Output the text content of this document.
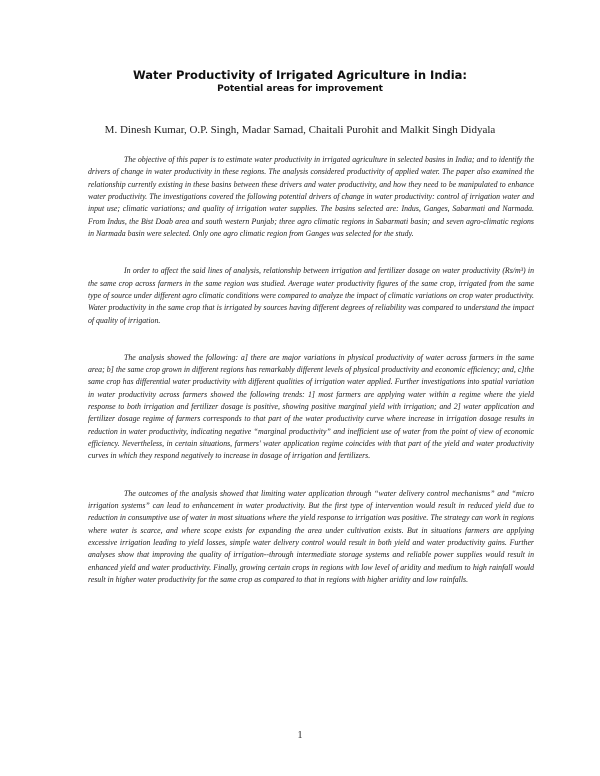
Water Productivity of Irrigated Agriculture in India:
Potential areas for improvement
M. Dinesh Kumar, O.P. Singh, Madar Samad, Chaitali Purohit and Malkit Singh Didyala

The objective of this paper is to estimate water productivity in irrigated agriculture in selected basins in India; and to identify the drivers of change in water productivity in these regions. The analysis considered productivity of applied water. The paper also examined the relationship currently existing in these basins between these drivers and water productivity, and how they need to be manipulated to enhance water productivity. The investigations covered the following potential drivers of change in water productivity: control of irrigation water and input use; climatic variations; and quality of irrigation water supplies. The basins selected are: Indus, Ganges, Sabarmati and Narmada. From Indus, the Bist Doab area and south western Punjab; three agro climatic regions in Sabarmati basin; and seven agro-climatic regions in Narmada basin were selected. Only one agro climatic region from Ganges was selected for the study.

In order to affect the said lines of analysis, relationship between irrigation and fertilizer dosage on water productivity (Rs/m³) in the same crop across farmers in the same region was studied. Average water productivity figures of the same crop, irrigated from the same type of source under different agro climatic conditions were compared to analyze the impact of climatic variations on crop water productivity. Water productivity in the same crop that is irrigated by sources having different degrees of reliability was compared to understand the impact of quality of irrigation.

The analysis showed the following: a] there are major variations in physical productivity of water across farmers in the same area; b] the same crop grown in different regions has remarkably different levels of physical productivity and economic efficiency; and, c]the same crop has differential water productivity with different qualities of irrigation water applied. Further investigations into spatial variation in water productivity across farmers showed the following trends: 1] most farmers are applying water within a regime where the yield response to both irrigation and fertilizer dosage is positive, showing positive marginal yield with irrigation; and 2] water application and fertilizer dosage regime of farmers corresponds to that part of the water productivity curve where increase in irrigation dosage results in reduction in water productivity, indicating negative “marginal productivity” and inefficient use of water from the point of view of economic efficiency. Nevertheless, in certain situations, farmers' water application regime coincides with that part of the yield and water productivity curves in which they respond negatively to increase in dosage of irrigation and fertilizers.

The outcomes of the analysis showed that limiting water application through “water delivery control mechanisms” and “micro irrigation systems” can lead to enhancement in water productivity. But the first type of intervention would result in reduced yield due to reduction in consumptive use of water in most situations where the yield response to irrigation was positive. The strategy can work in regions where water is scarce, and where scope exists for expanding the area under cultivation exists. But in situations farmers are applying excessive irrigation leading to yield losses, simple water delivery control would result in both yield and water productivity gains. Further analyses show that improving the quality of irrigation--through intermediate storage systems and reliable power supplies would result in enhanced yield and water productivity. Finally, growing certain crops in regions with low level of aridity and medium to high rainfall would result in higher water productivity for the same crop as compared to that in regions with higher aridity and low rainfalls.

1
